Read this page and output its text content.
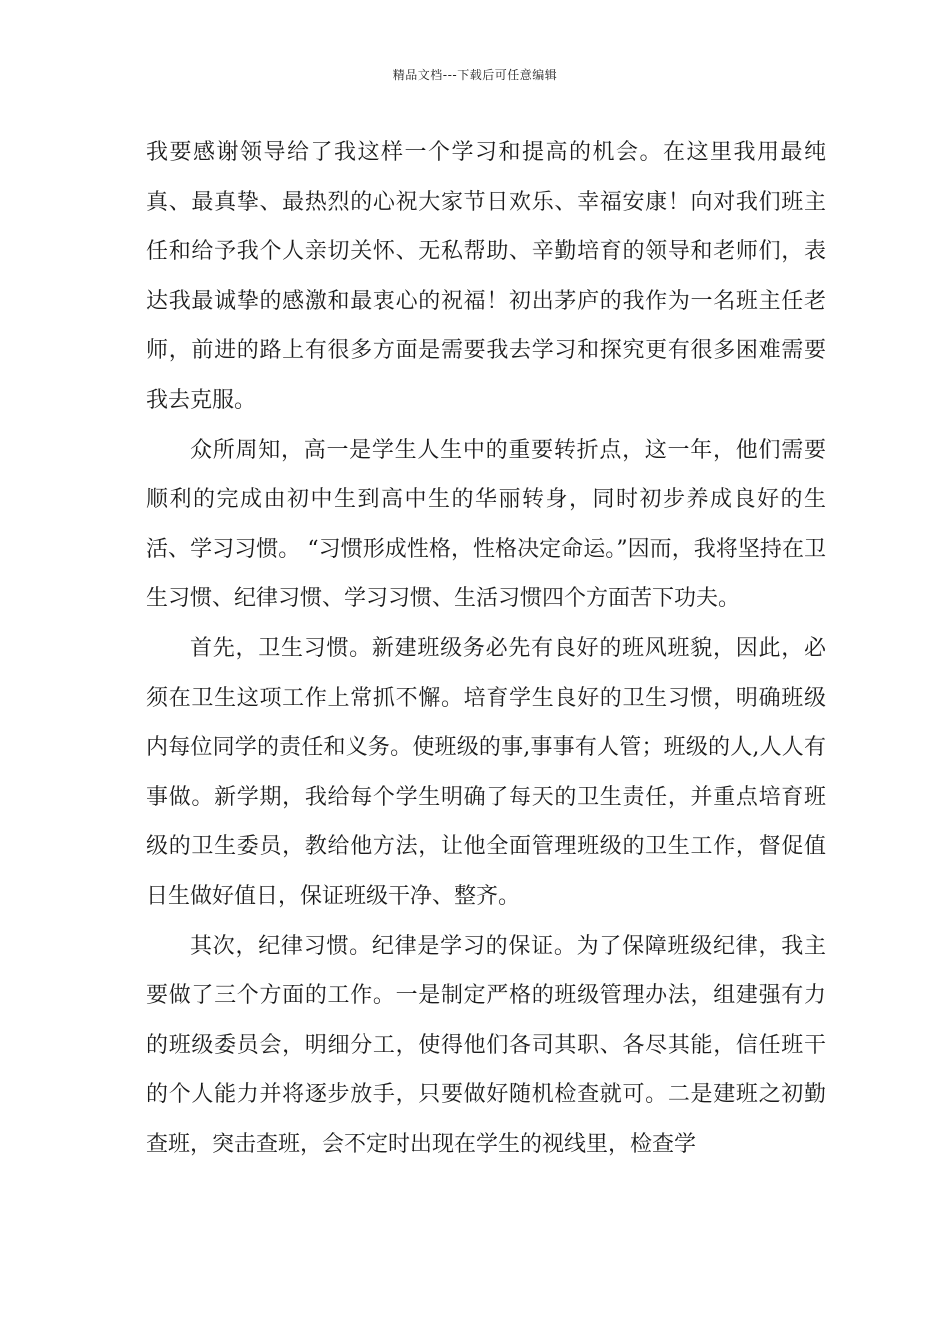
精品文档---下载后可任意编辑

我要感谢领导给了我这样一个学习和提高的机会。在这里我用最纯真、最真挚、最热烈的心祝大家节日欢乐、幸福安康！向对我们班主任和给予我个人亲切关怀、无私帮助、辛勤培育的领导和老师们，表达我最诚挚的感激和最衷心的祝福！初出茅庐的我作为一名班主任老师，前进的路上有很多方面是需要我去学习和探究更有很多困难需要我去克服。

众所周知，高一是学生人生中的重要转折点，这一年，他们需要顺利的完成由初中生到高中生的华丽转身，同时初步养成良好的生活、学习习惯。 “习惯形成性格，性格决定命运。”因而，我将坚持在卫生习惯、纪律习惯、学习习惯、生活习惯四个方面苦下功夫。

首先，卫生习惯。新建班级务必先有良好的班风班貌，因此，必须在卫生这项工作上常抓不懈。培育学生良好的卫生习惯，明确班级内每位同学的责任和义务。使班级的事,事事有人管；班级的人,人人有事做。新学期，我给每个学生明确了每天的卫生责任，并重点培育班级的卫生委员，教给他方法，让他全面管理班级的卫生工作，督促值日生做好值日，保证班级干净、整齐。

其次，纪律习惯。纪律是学习的保证。为了保障班级纪律，我主要做了三个方面的工作。一是制定严格的班级管理办法，组建强有力的班级委员会，明细分工，使得他们各司其职、各尽其能，信任班干的个人能力并将逐步放手，只要做好随机检查就可。二是建班之初勤查班，突击查班，会不定时出现在学生的视线里，检查学
